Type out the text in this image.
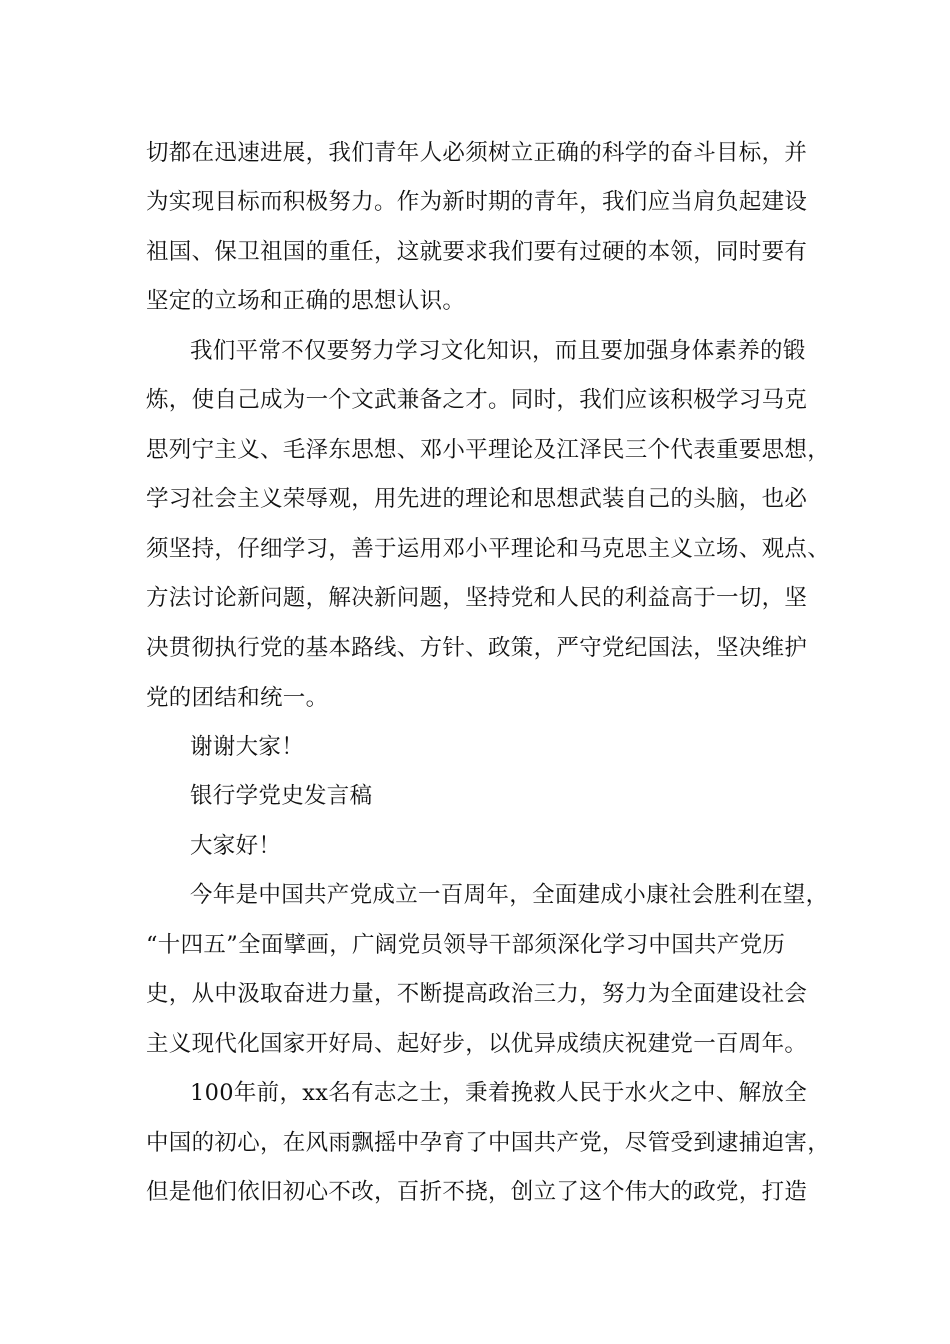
切都在迅速进展，我们青年人必须树立正确的科学的奋斗目标，并
为实现目标而积极努力。作为新时期的青年，我们应当肩负起建设
祖国、保卫祖国的重任，这就要求我们要有过硬的本领，同时要有
坚定的立场和正确的思想认识。
我们平常不仅要努力学习文化知识，而且要加强身体素养的锻
炼，使自己成为一个文武兼备之才。同时，我们应该积极学习马克
思列宁主义、毛泽东思想、邓小平理论及江泽民三个代表重要思想，
学习社会主义荣辱观，用先进的理论和思想武装自己的头脑，也必
须坚持，仔细学习，善于运用邓小平理论和马克思主义立场、观点、
方法讨论新问题，解决新问题，坚持党和人民的利益高于一切，坚
决贯彻执行党的基本路线、方针、政策，严守党纪国法，坚决维护
党的团结和统一。
谢谢大家！
银行学党史发言稿
大家好！
今年是中国共产党成立一百周年，全面建成小康社会胜利在望，
“十四五”全面擘画，广阔党员领导干部须深化学习中国共产党历
史，从中汲取奋进力量，不断提高政治三力，努力为全面建设社会
主义现代化国家开好局、起好步，以优异成绩庆祝建党一百周年。
100年前，xx名有志之士，秉着挽救人民于水火之中、解放全
中国的初心，在风雨飘摇中孕育了中国共产党，尽管受到逮捕迫害，
但是他们依旧初心不改，百折不挠，创立了这个伟大的政党，打造
